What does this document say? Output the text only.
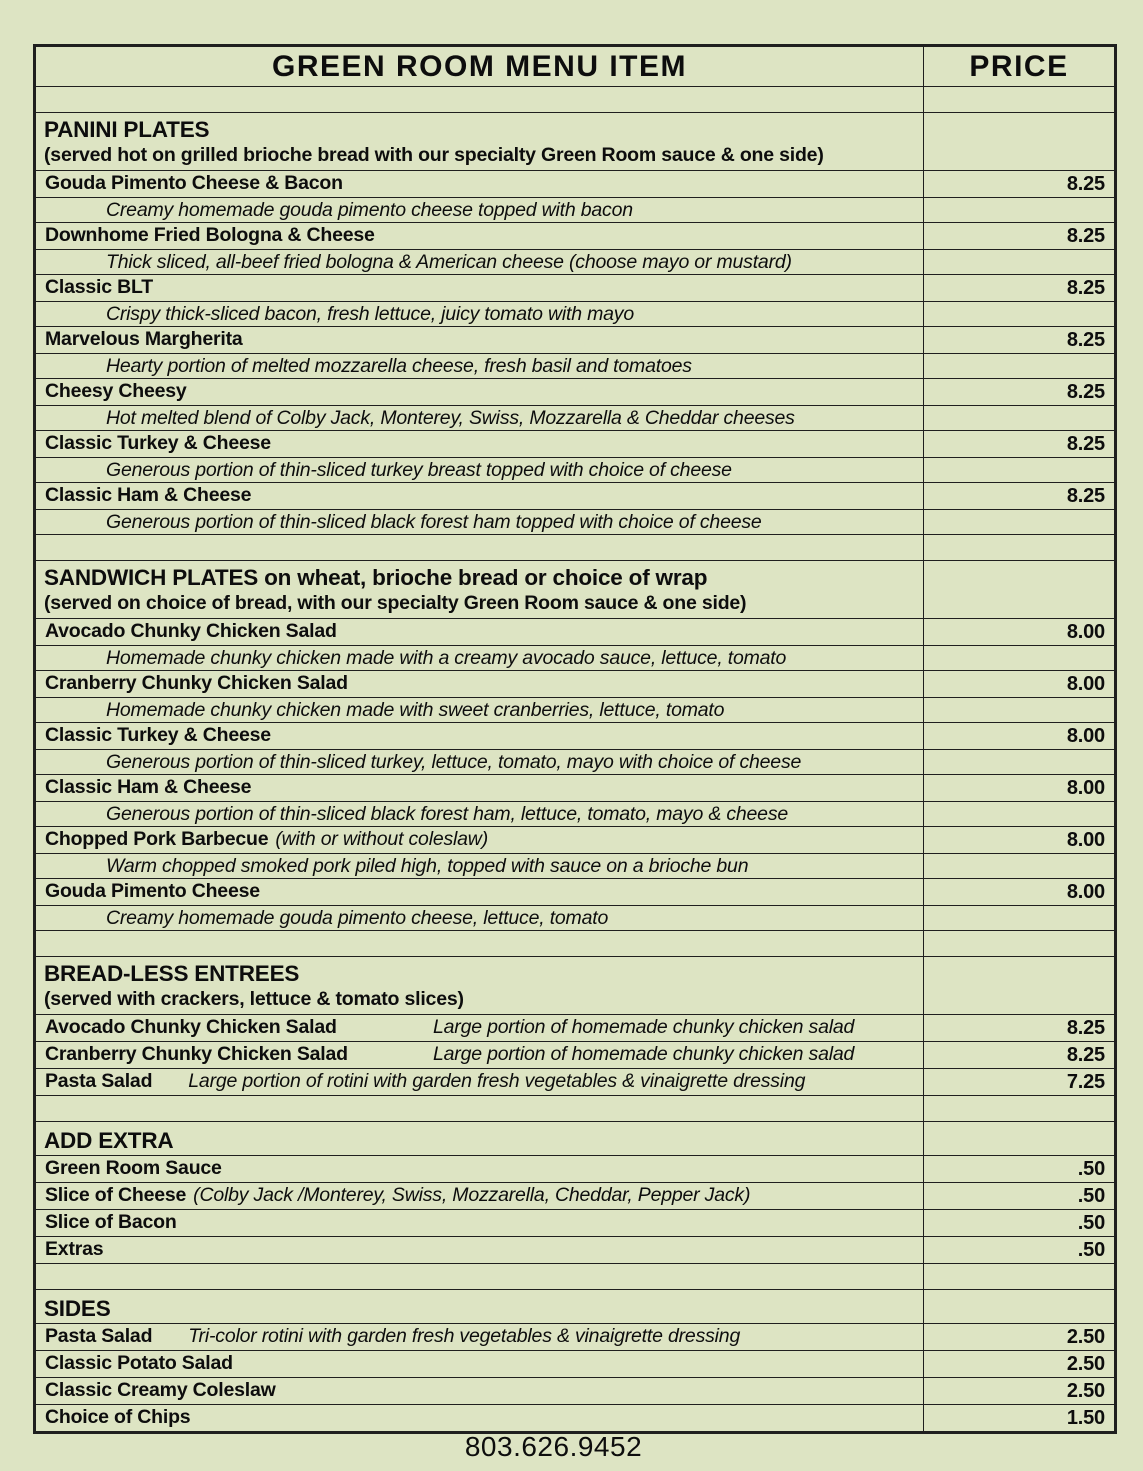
GREEN ROOM MENU ITEM	PRICE

PANINI PLATES
(served hot on grilled brioche bread with our specialty Green Room sauce & one side)	

Gouda Pimento Cheese & Bacon	8.25
Creamy homemade gouda pimento cheese topped with bacon	
Downhome Fried Bologna & Cheese	8.25
Thick sliced, all-beef fried bologna & American cheese (choose mayo or mustard)	
Classic BLT	8.25
Crispy thick-sliced bacon, fresh lettuce, juicy tomato with mayo	
Marvelous Margherita	8.25
Hearty portion of melted mozzarella cheese, fresh basil and tomatoes	
Cheesy Cheesy	8.25
Hot melted blend of Colby Jack, Monterey, Swiss, Mozzarella & Cheddar cheeses	
Classic Turkey & Cheese	8.25
Generous portion of thin-sliced turkey breast topped with choice of cheese	
Classic Ham & Cheese	8.25
Generous portion of thin-sliced black forest ham topped with choice of cheese	

SANDWICH PLATES on wheat, brioche bread or choice of wrap
(served on choice of bread, with our specialty Green Room sauce & one side)	

Avocado Chunky Chicken Salad	8.00
Homemade chunky chicken made with a creamy avocado sauce, lettuce, tomato	
Cranberry Chunky Chicken Salad	8.00
Homemade chunky chicken made with sweet cranberries, lettuce, tomato	
Classic Turkey & Cheese	8.00
Generous portion of thin-sliced turkey, lettuce, tomato, mayo with choice of cheese	
Classic Ham & Cheese	8.00
Generous portion of thin-sliced black forest ham, lettuce, tomato, mayo & cheese	
Chopped Pork Barbecue (with or without coleslaw)	8.00
Warm chopped smoked pork piled high, topped with sauce on a brioche bun	
Gouda Pimento Cheese	8.00
Creamy homemade gouda pimento cheese, lettuce, tomato	

BREAD-LESS ENTREES
(served with crackers, lettuce & tomato slices)	

Avocado Chunky Chicken Salad Large portion of homemade chunky chicken salad	8.25
Cranberry Chunky Chicken Salad Large portion of homemade chunky chicken salad	8.25
Pasta Salad Large portion of rotini with garden fresh vegetables & vinaigrette dressing	7.25

ADD EXTRA	

Green Room Sauce	.50
Slice of Cheese (Colby Jack /Monterey, Swiss, Mozzarella, Cheddar, Pepper Jack)	.50
Slice of Bacon	.50
Extras	.50

SIDES	

Pasta Salad Tri-color rotini with garden fresh vegetables & vinaigrette dressing	2.50
Classic Potato Salad	2.50
Classic Creamy Coleslaw	2.50
Choice of Chips	1.50
803.626.9452
